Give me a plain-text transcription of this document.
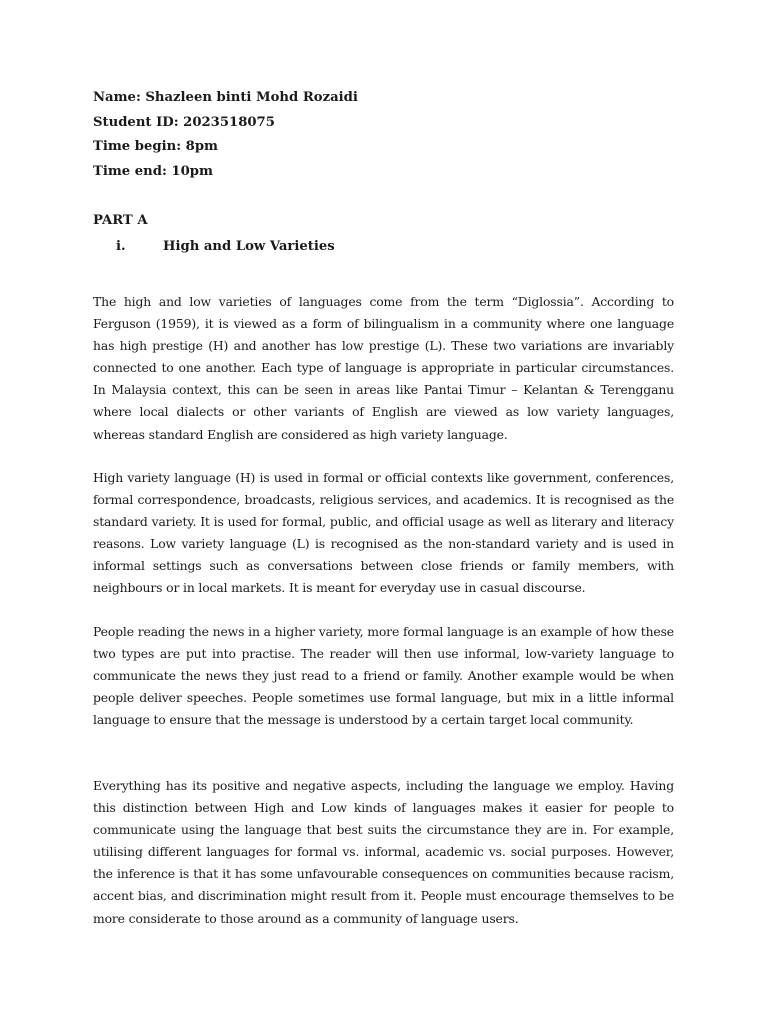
Name: Shazleen binti Mohd Rozaidi

Student ID: 2023518075

Time begin: 8pm

Time end: 10pm

PART A

i.	High and Low Varieties

The high and low varieties of languages come from the term “Diglossia”. According to Ferguson (1959), it is viewed as a form of bilingualism in a community where one language has high prestige (H) and another has low prestige (L). These two variations are invariably connected to one another. Each type of language is appropriate in particular circumstances. In Malaysia context, this can be seen in areas like Pantai Timur – Kelantan & Terengganu where local dialects or other variants of English are viewed as low variety languages, whereas standard English are considered as high variety language.

High variety language (H) is used in formal or official contexts like government, conferences, formal correspondence, broadcasts, religious services, and academics. It is recognised as the standard variety. It is used for formal, public, and official usage as well as literary and literacy reasons. Low variety language (L) is recognised as the non-standard variety and is used in informal settings such as conversations between close friends or family members, with neighbours or in local markets. It is meant for everyday use in casual discourse.

People reading the news in a higher variety, more formal language is an example of how these two types are put into practise. The reader will then use informal, low-variety language to communicate the news they just read to a friend or family. Another example would be when people deliver speeches. People sometimes use formal language, but mix in a little informal language to ensure that the message is understood by a certain target local community.

Everything has its positive and negative aspects, including the language we employ. Having this distinction between High and Low kinds of languages makes it easier for people to communicate using the language that best suits the circumstance they are in. For example, utilising different languages for formal vs. informal, academic vs. social purposes. However, the inference is that it has some unfavourable consequences on communities because racism, accent bias, and discrimination might result from it. People must encourage themselves to be more considerate to those around as a community of language users.
